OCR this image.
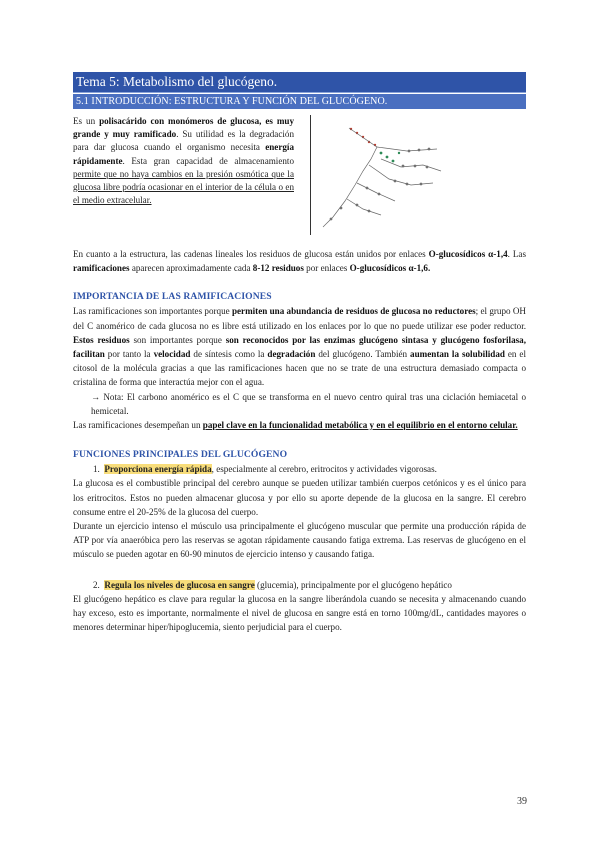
Tema 5: Metabolismo del glucógeno.
5.1 INTRODUCCIÓN: ESTRUCTURA Y FUNCIÓN DEL GLUCÓGENO.

Es un polisacárido con monómeros de glucosa, es muy grande y muy ramificado. Su utilidad es la degradación para dar glucosa cuando el organismo necesita energía rápidamente. Esta gran capacidad de almacenamiento permite que no haya cambios en la presión osmótica que la glucosa libre podría ocasionar en el interior de la célula o en el medio extracelular.

En cuanto a la estructura, las cadenas lineales los residuos de glucosa están unidos por enlaces O-glucosídicos α-1,4. Las ramificaciones aparecen aproximadamente cada 8-12 residuos por enlaces O-glucosídicos α-1,6.

IMPORTANCIA DE LAS RAMIFICACIONES

Las ramificaciones son importantes porque permiten una abundancia de residuos de glucosa no reductores; el grupo OH del C anomérico de cada glucosa no es libre está utilizado en los enlaces por lo que no puede utilizar ese poder reductor. Estos residuos son importantes porque son reconocidos por las enzimas glucógeno sintasa y glucógeno fosforilasa, facilitan por tanto la velocidad de síntesis como la degradación del glucógeno. También aumentan la solubilidad en el citosol de la molécula gracias a que las ramificaciones hacen que no se trate de una estructura demasiado compacta o cristalina de forma que interactúa mejor con el agua.

→ Nota: El carbono anomérico es el C que se transforma en el nuevo centro quiral tras una ciclación hemiacetal o hemicetal.

Las ramificaciones desempeñan un papel clave en la funcionalidad metabólica y en el equilibrio en el entorno celular.

FUNCIONES PRINCIPALES DEL GLUCÓGENO

1. Proporciona energía rápida, especialmente al cerebro, eritrocitos y actividades vigorosas.

La glucosa es el combustible principal del cerebro aunque se pueden utilizar también cuerpos cetónicos y es el único para los eritrocitos. Estos no pueden almacenar glucosa y por ello su aporte depende de la glucosa en la sangre. El cerebro consume entre el 20-25% de la glucosa del cuerpo.

Durante un ejercicio intenso el músculo usa principalmente el glucógeno muscular que permite una producción rápida de ATP por vía anaeróbica pero las reservas se agotan rápidamente causando fatiga extrema. Las reservas de glucógeno en el músculo se pueden agotar en 60-90 minutos de ejercicio intenso y causando fatiga.

2. Regula los niveles de glucosa en sangre (glucemia), principalmente por el glucógeno hepático

El glucógeno hepático es clave para regular la glucosa en la sangre liberándola cuando se necesita y almacenando cuando hay exceso, esto es importante, normalmente el nivel de glucosa en sangre está en torno 100mg/dL, cantidades mayores o menores determinar hiper/hipoglucemia, siento perjudicial para el cuerpo.

39
